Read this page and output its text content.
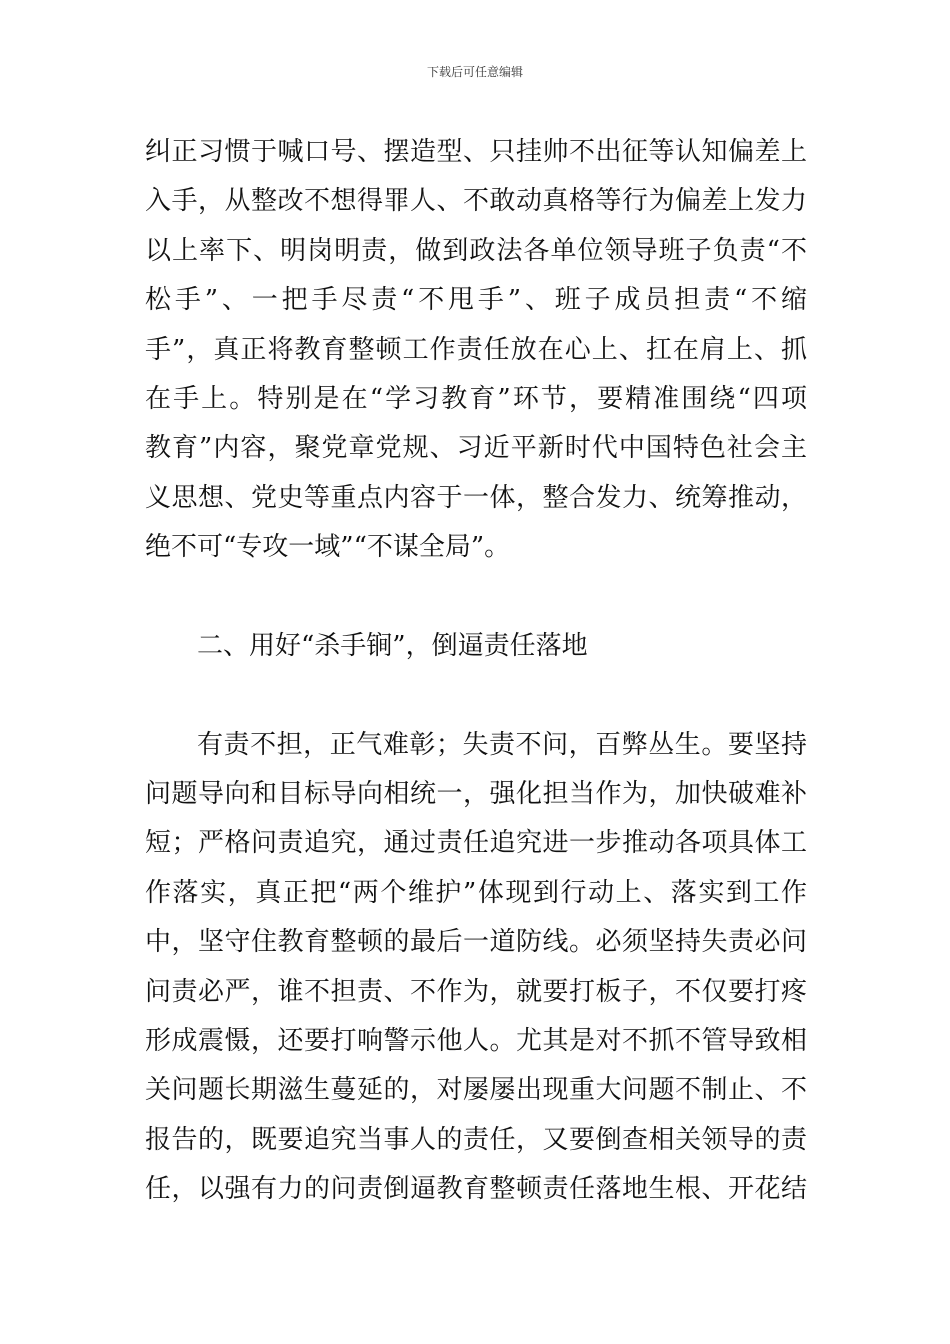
下载后可任意编辑
纠正习惯于喊口号、摆造型、只挂帅不出征等认知偏差上
入手，从整改不想得罪人、不敢动真格等行为偏差上发力
以上率下、明岗明责，做到政法各单位领导班子负责“不
松手”、一把手尽责“不甩手”、班子成员担责“不缩
手”，真正将教育整顿工作责任放在心上、扛在肩上、抓
在手上。特别是在“学习教育”环节，要精准围绕“四项
教育”内容，聚党章党规、习近平新时代中国特色社会主
义思想、党史等重点内容于一体，整合发力、统筹推动，
绝不可“专攻一域”“不谋全局”。
二、用好“杀手锏”，倒逼责任落地
有责不担，正气难彰；失责不问，百弊丛生。要坚持
问题导向和目标导向相统一，强化担当作为，加快破难补
短；严格问责追究，通过责任追究进一步推动各项具体工
作落实，真正把“两个维护”体现到行动上、落实到工作
中，坚守住教育整顿的最后一道防线。必须坚持失责必问
问责必严，谁不担责、不作为，就要打板子，不仅要打疼
形成震慑，还要打响警示他人。尤其是对不抓不管导致相
关问题长期滋生蔓延的，对屡屡出现重大问题不制止、不
报告的，既要追究当事人的责任，又要倒查相关领导的责
任，以强有力的问责倒逼教育整顿责任落地生根、开花结
